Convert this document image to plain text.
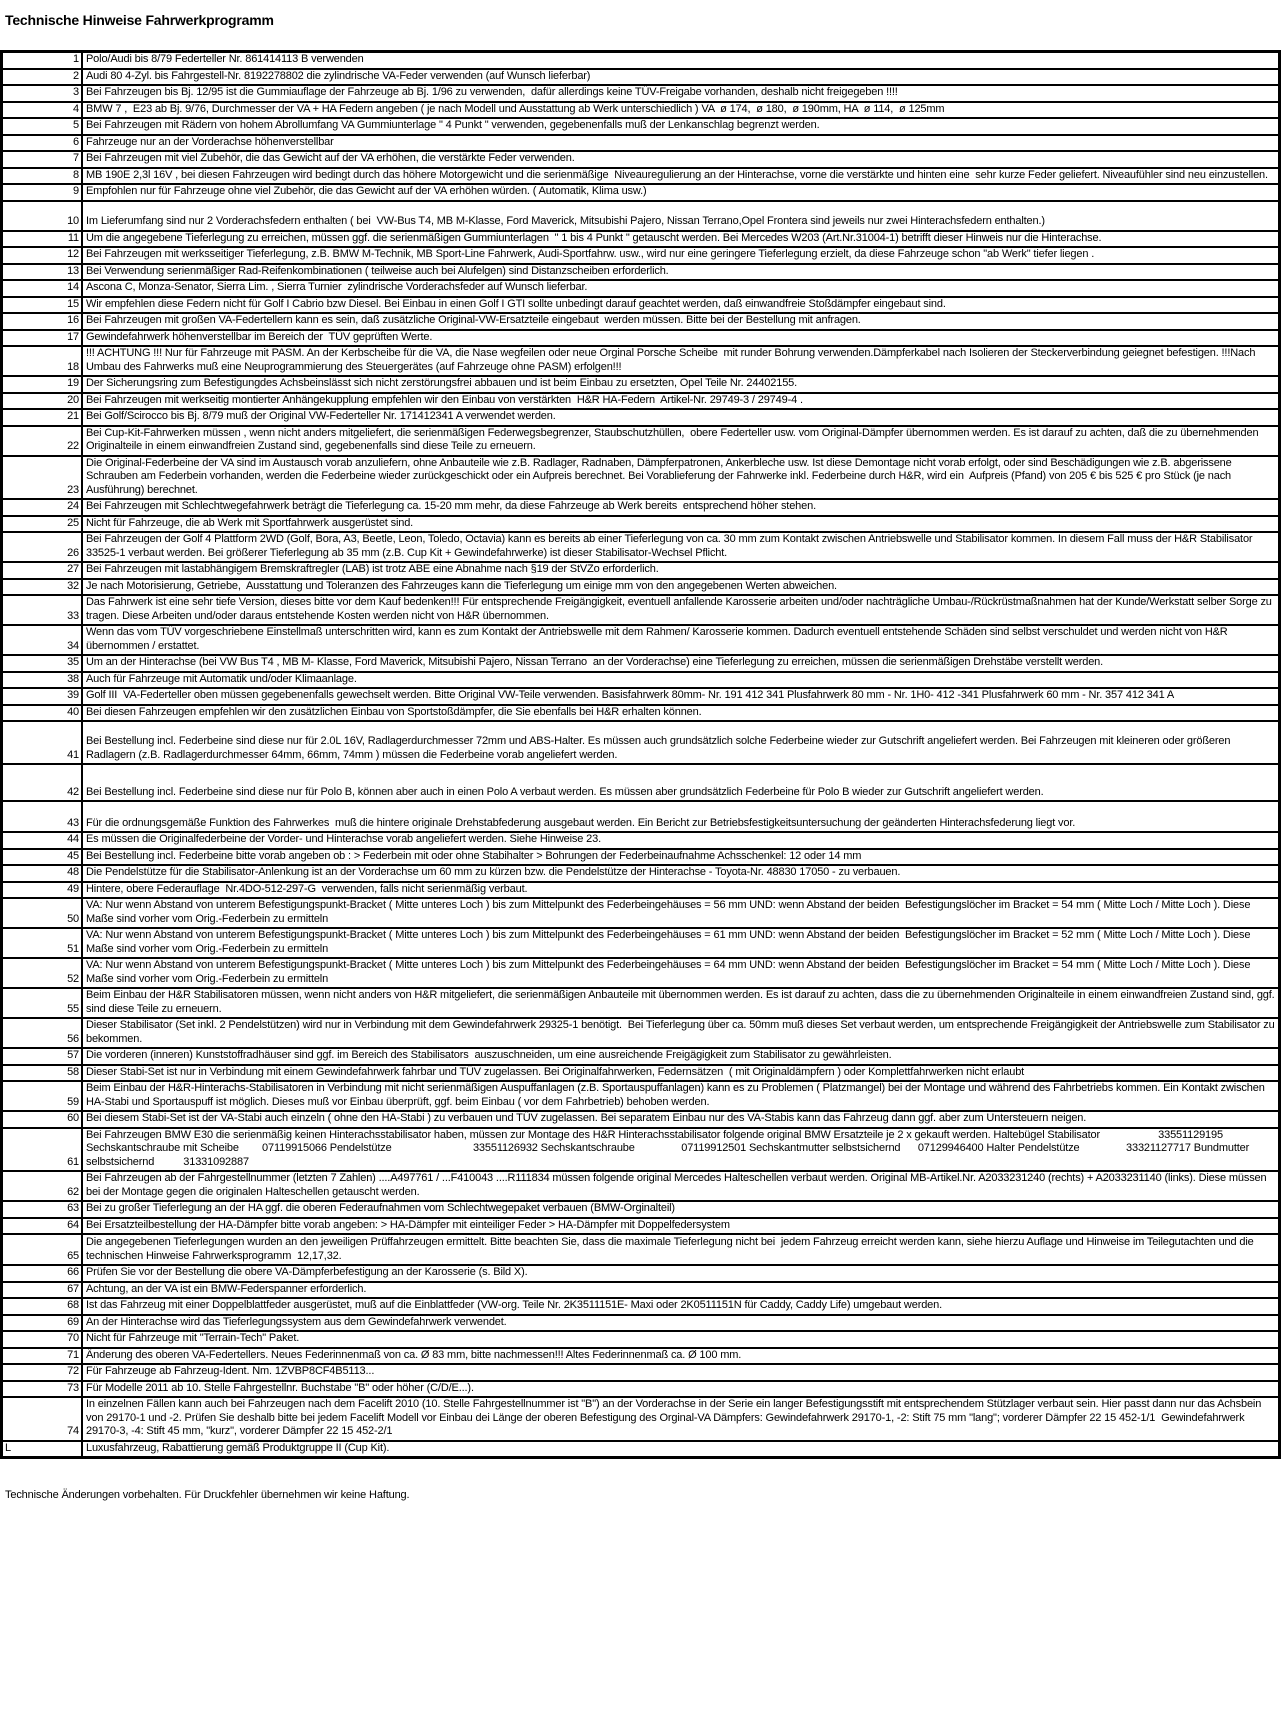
Technische Hinweise Fahrwerkprogramm
1	Polo/Audi bis 8/79 Federteller Nr. 861414113 B verwenden
2	Audi 80 4-Zyl. bis Fahrgestell-Nr. 8192278802 die zylindrische VA-Feder verwenden (auf Wunsch lieferbar)
3	Bei Fahrzeugen bis Bj. 12/95 ist die Gummiauflage der Fahrzeuge ab Bj. 1/96 zu verwenden,  dafür allerdings keine TÜV-Freigabe vorhanden, deshalb nicht freigegeben !!!!
4	BMW 7 ,  E23 ab Bj. 9/76, Durchmesser der VA + HA Federn angeben ( je nach Modell und Ausstattung ab Werk unterschiedlich ) VA  ø 174,  ø 180,  ø 190mm, HA  ø 114,  ø 125mm
5	Bei Fahrzeugen mit Rädern von hohem Abrollumfang VA Gummiunterlage " 4 Punkt " verwenden, gegebenenfalls muß der Lenkanschlag begrenzt werden.
6	Fahrzeuge nur an der Vorderachse höhenverstellbar
7	Bei Fahrzeugen mit viel Zubehör, die das Gewicht auf der VA erhöhen, die verstärkte Feder verwenden.
8	MB 190E 2,3l 16V , bei diesen Fahrzeugen wird bedingt durch das höhere Motorgewicht und die serienmäßige  Niveauregulierung an der Hinterachse, vorne die verstärkte und hinten eine  sehr kurze Feder geliefert. Niveaufühler sind neu einzustellen.
9	Empfohlen nur für Fahrzeuge ohne viel Zubehör, die das Gewicht auf der VA erhöhen würden. ( Automatik, Klima usw.)
10	Im Lieferumfang sind nur 2 Vorderachsfedern enthalten ( bei  VW-Bus T4, MB M-Klasse, Ford Maverick, Mitsubishi Pajero, Nissan Terrano,Opel Frontera sind jeweils nur zwei Hinterachsfedern enthalten.)
11	Um die angegebene Tieferlegung zu erreichen, müssen ggf. die serienmäßigen Gummiunterlagen  " 1 bis 4 Punkt " getauscht werden. Bei Mercedes W203 (Art.Nr.31004-1) betrifft dieser Hinweis nur die Hinterachse.
12	Bei Fahrzeugen mit werksseitiger Tieferlegung, z.B. BMW M-Technik, MB Sport-Line Fahrwerk, Audi-Sportfahrw. usw., wird nur eine geringere Tieferlegung erzielt, da diese Fahrzeuge schon "ab Werk" tiefer liegen .
13	Bei Verwendung serienmäßiger Rad-Reifenkombinationen ( teilweise auch bei Alufelgen) sind Distanzscheiben erforderlich.
14	Ascona C, Monza-Senator, Sierra Lim. , Sierra Turnier  zylindrische Vorderachsfeder auf Wunsch lieferbar.
15	Wir empfehlen diese Federn nicht für Golf I Cabrio bzw Diesel. Bei Einbau in einen Golf I GTI sollte unbedingt darauf geachtet werden, daß einwandfreie Stoßdämpfer eingebaut sind.
16	Bei Fahrzeugen mit großen VA-Federtellern kann es sein, daß zusätzliche Original-VW-Ersatzteile eingebaut  werden müssen. Bitte bei der Bestellung mit anfragen.
17	Gewindefahrwerk höhenverstellbar im Bereich der  TÜV geprüften Werte.
18	!!! ACHTUNG !!! Nur für Fahrzeuge mit PASM. An der Kerbscheibe für die VA, die Nase wegfeilen oder neue Orginal Porsche Scheibe  mit runder Bohrung verwenden.Dämpferkabel nach Isolieren der Steckerverbindung geiegnet befestigen. !!!Nach Umbau des Fahrwerks muß eine Neuprogrammierung des Steuergerätes (auf Fahrzeuge ohne PASM) erfolgen!!!
19	Der Sicherungsring zum Befestigungdes Achsbeinslässt sich nicht zerstörungsfrei abbauen und ist beim Einbau zu ersetzten, Opel Teile Nr. 24402155.
20	Bei Fahrzeugen mit werkseitig montierter Anhängekupplung empfehlen wir den Einbau von verstärkten  H&R HA-Federn  Artikel-Nr. 29749-3 / 29749-4 .
21	Bei Golf/Scirocco bis Bj. 8/79 muß der Original VW-Federteller Nr. 171412341 A verwendet werden.
22	Bei Cup-Kit-Fahrwerken müssen , wenn nicht anders mitgeliefert, die serienmäßigen Federwegsbegrenzer, Staubschutzhüllen,  obere Federteller usw. vom Original-Dämpfer übernommen werden. Es ist darauf zu achten, daß die zu übernehmenden Originalteile in einem einwandfreien Zustand sind, gegebenenfalls sind diese Teile zu erneuern.
23	Die Original-Federbeine der VA sind im Austausch vorab anzuliefern, ohne Anbauteile wie z.B. Radlager, Radnaben, Dämpferpatronen, Ankerbleche usw. Ist diese Demontage nicht vorab erfolgt, oder sind Beschädigungen wie z.B. abgerissene Schrauben am Federbein vorhanden, werden die Federbeine wieder zurückgeschickt oder ein Aufpreis berechnet. Bei Vorablieferung der Fahrwerke inkl. Federbeine durch H&R, wird ein  Aufpreis (Pfand) von 205 € bis 525 € pro Stück (je nach Ausführung) berechnet.
24	Bei Fahrzeugen mit Schlechtwegefahrwerk beträgt die Tieferlegung ca. 15-20 mm mehr, da diese Fahrzeuge ab Werk bereits  entsprechend höher stehen.
25	Nicht für Fahrzeuge, die ab Werk mit Sportfahrwerk ausgerüstet sind.
26	Bei Fahrzeugen der Golf 4 Plattform 2WD (Golf, Bora, A3, Beetle, Leon, Toledo, Octavia) kann es bereits ab einer Tieferlegung von ca. 30 mm zum Kontakt zwischen Antriebswelle und Stabilisator kommen. In diesem Fall muss der H&R Stabilisator 33525-1 verbaut werden. Bei größerer Tieferlegung ab 35 mm (z.B. Cup Kit + Gewindefahrwerke) ist dieser Stabilisator-Wechsel Pflicht.
27	Bei Fahrzeugen mit lastabhängigem Bremskraftregler (LAB) ist trotz ABE eine Abnahme nach §19 der StVZo erforderlich.
32	Je nach Motorisierung, Getriebe,  Ausstattung und Toleranzen des Fahrzeuges kann die Tieferlegung um einige mm von den angegebenen Werten abweichen.
33	Das Fahrwerk ist eine sehr tiefe Version, dieses bitte vor dem Kauf bedenken!!! Für entsprechende Freigängigkeit, eventuell anfallende Karosserie arbeiten und/oder nachträgliche Umbau-/Rückrüstmaßnahmen hat der Kunde/Werkstatt selber Sorge zu tragen. Diese Arbeiten und/oder daraus entstehende Kosten werden nicht von H&R übernommen.
34	Wenn das vom TÜV vorgeschriebene Einstellmaß unterschritten wird, kann es zum Kontakt der Antriebswelle mit dem Rahmen/ Karosserie kommen. Dadurch eventuell entstehende Schäden sind selbst verschuldet und werden nicht von H&R übernommen / erstattet.
35	Um an der Hinterachse (bei VW Bus T4 , MB M- Klasse, Ford Maverick, Mitsubishi Pajero, Nissan Terrano  an der Vorderachse) eine Tieferlegung zu erreichen, müssen die serienmäßigen Drehstäbe verstellt werden.
38	Auch für Fahrzeuge mit Automatik und/oder Klimaanlage.
39	Golf III  VA-Federteller oben müssen gegebenenfalls gewechselt werden. Bitte Original VW-Teile verwenden. Basisfahrwerk 80mm- Nr. 191 412 341 Plusfahrwerk 80 mm - Nr. 1H0- 412 -341 Plusfahrwerk 60 mm - Nr. 357 412 341 A
40	Bei diesen Fahrzeugen empfehlen wir den zusätzlichen Einbau von Sportstoßdämpfer, die Sie ebenfalls bei H&R erhalten können.
41	Bei Bestellung incl. Federbeine sind diese nur für 2.0L 16V, Radlagerdurchmesser 72mm und ABS-Halter. Es müssen auch grundsätzlich solche Federbeine wieder zur Gutschrift angeliefert werden. Bei Fahrzeugen mit kleineren oder größeren Radlagern (z.B. Radlagerdurchmesser 64mm, 66mm, 74mm ) müssen die Federbeine vorab angeliefert werden.
42	Bei Bestellung incl. Federbeine sind diese nur für Polo B, können aber auch in einen Polo A verbaut werden. Es müssen aber grundsätzlich Federbeine für Polo B wieder zur Gutschrift angeliefert werden.
43	Für die ordnungsgemäße Funktion des Fahrwerkes  muß die hintere originale Drehstabfederung ausgebaut werden. Ein Bericht zur Betriebsfestigkeitsuntersuchung der geänderten Hinterachsfederung liegt vor.
44	Es müssen die Originalfederbeine der Vorder- und Hinterachse vorab angeliefert werden. Siehe Hinweise 23.
45	Bei Bestellung incl. Federbeine bitte vorab angeben ob : > Federbein mit oder ohne Stabihalter > Bohrungen der Federbeinaufnahme Achsschenkel: 12 oder 14 mm
48	Die Pendelstütze für die Stabilisator-Anlenkung ist an der Vorderachse um 60 mm zu kürzen bzw. die Pendelstütze der Hinterachse - Toyota-Nr. 48830 17050 - zu verbauen.
49	Hintere, obere Federauflage  Nr.4DO-512-297-G  verwenden, falls nicht serienmäßig verbaut.
50	VA: Nur wenn Abstand von unterem Befestigungspunkt-Bracket ( Mitte unteres Loch ) bis zum Mittelpunkt des Federbeingehäuses = 56 mm UND: wenn Abstand der beiden  Befestigungslöcher im Bracket = 54 mm ( Mitte Loch / Mitte Loch ). Diese Maße sind vorher vom Orig.-Federbein zu ermitteln
51	VA: Nur wenn Abstand von unterem Befestigungspunkt-Bracket ( Mitte unteres Loch ) bis zum Mittelpunkt des Federbeingehäuses = 61 mm UND: wenn Abstand der beiden  Befestigungslöcher im Bracket = 52 mm ( Mitte Loch / Mitte Loch ). Diese Maße sind vorher vom Orig.-Federbein zu ermitteln
52	VA: Nur wenn Abstand von unterem Befestigungspunkt-Bracket ( Mitte unteres Loch ) bis zum Mittelpunkt des Federbeingehäuses = 64 mm UND: wenn Abstand der beiden  Befestigungslöcher im Bracket = 54 mm ( Mitte Loch / Mitte Loch ). Diese Maße sind vorher vom Orig.-Federbein zu ermitteln
55	Beim Einbau der H&R Stabilisatoren müssen, wenn nicht anders von H&R mitgeliefert, die serienmäßigen Anbauteile mit übernommen werden. Es ist darauf zu achten, dass die zu übernehmenden Originalteile in einem einwandfreien Zustand sind, ggf. sind diese Teile zu erneuern.
56	Dieser Stabilisator (Set inkl. 2 Pendelstützen) wird nur in Verbindung mit dem Gewindefahrwerk 29325-1 benötigt.  Bei Tieferlegung über ca. 50mm muß dieses Set verbaut werden, um entsprechende Freigängigkeit der Antriebswelle zum Stabilisator zu bekommen.
57	Die vorderen (inneren) Kunststoffradhäuser sind ggf. im Bereich des Stabilisators  auszuschneiden, um eine ausreichende Freigägigkeit zum Stabilisator zu gewährleisten.
58	Dieser Stabi-Set ist nur in Verbindung mit einem Gewindefahrwerk fahrbar und TÜV zugelassen. Bei Originalfahrwerken, Federnsätzen  ( mit Originaldämpfern ) oder Komplettfahrwerken nicht erlaubt
59	Beim Einbau der H&R-Hinterachs-Stabilisatoren in Verbindung mit nicht serienmäßigen Auspuffanlagen (z.B. Sportauspuffanlagen) kann es zu Problemen ( Platzmangel) bei der Montage und während des Fahrbetriebs kommen. Ein Kontakt zwischen HA-Stabi und Sportauspuff ist möglich. Dieses muß vor Einbau überprüft, ggf. beim Einbau ( vor dem Fahrbetrieb) behoben werden.
60	Bei diesem Stabi-Set ist der VA-Stabi auch einzeln ( ohne den HA-Stabi ) zu verbauen und TÜV zugelassen. Bei separatem Einbau nur des VA-Stabis kann das Fahrzeug dann ggf. aber zum Untersteuern neigen.
61	Bei Fahrzeugen BMW E30 die serienmäßig keinen Hinterachsstabilisator haben, müssen zur Montage des H&R Hinterachsstabilisator folgende original BMW Ersatzteile je 2 x gekauft werden. Haltebügel Stabilisator                    33551129195 Sechskantschraube mit Scheibe        07119915066 Pendelstütze                            33551126932 Sechskantschraube                07119912501 Sechskantmutter selbstsichernd      07129946400 Halter Pendelstütze                33321127717 Bundmutter selbstsichernd          31331092887
62	Bei Fahrzeugen ab der Fahrgestellnummer (letzten 7 Zahlen) ....A497761 / ...F410043 ....R111834 müssen folgende original Mercedes Halteschellen verbaut werden. Original MB-Artikel.Nr. A2033231240 (rechts) + A2033231140 (links). Diese müssen bei der Montage gegen die originalen Halteschellen getauscht werden.
63	Bei zu großer Tieferlegung an der HA ggf. die oberen Federaufnahmen vom Schlechtwegepaket verbauen (BMW-Orginalteil)
64	Bei Ersatzteilbestellung der HA-Dämpfer bitte vorab angeben: > HA-Dämpfer mit einteiliger Feder > HA-Dämpfer mit Doppelfedersystem
65	Die angegebenen Tieferlegungen wurden an den jeweiligen Prüffahrzeugen ermittelt. Bitte beachten Sie, dass die maximale Tieferlegung nicht bei  jedem Fahrzeug erreicht werden kann, siehe hierzu Auflage und Hinweise im Teilegutachten und die technischen Hinweise Fahrwerksprogramm  12,17,32.
66	Prüfen Sie vor der Bestellung die obere VA-Dämpferbefestigung an der Karosserie (s. Bild X).
67	Achtung, an der VA ist ein BMW-Federspanner erforderlich.
68	Ist das Fahrzeug mit einer Doppelblattfeder ausgerüstet, muß auf die Einblattfeder (VW-org. Teile Nr. 2K3511151E- Maxi oder 2K0511151N für Caddy, Caddy Life) umgebaut werden.
69	An der Hinterachse wird das Tieferlegungssystem aus dem Gewindefahrwerk verwendet.
70	Nicht für Fahrzeuge mit "Terrain-Tech" Paket.
71	Änderung des oberen VA-Federtellers. Neues Federinnenmaß von ca. Ø 83 mm, bitte nachmessen!!! Altes Federinnenmaß ca. Ø 100 mm.
72	Für Fahrzeuge ab Fahrzeug-Ident. Nm. 1ZVBP8CF4B5113...
73	Für Modelle 2011 ab 10. Stelle Fahrgestellnr. Buchstabe "B" oder höher (C/D/E...).
74	In einzelnen Fällen kann auch bei Fahrzeugen nach dem Facelift 2010 (10. Stelle Fahrgestellnummer ist "B") an der Vorderachse in der Serie ein langer Befestigungsstift mit entsprechendem Stützlager verbaut sein. Hier passt dann nur das Achsbein von 29170-1 und -2. Prüfen Sie deshalb bitte bei jedem Facelift Modell vor Einbau dei Länge der oberen Befestigung des Orginal-VA Dämpfers: Gewindefahrwerk 29170-1, -2: Stift 75 mm "lang"; vorderer Dämpfer 22 15 452-1/1  Gewindefahrwerk 29170-3, -4: Stift 45 mm, "kurz", vorderer Dämpfer 22 15 452-2/1
L	Luxusfahrzeug, Rabattierung gemäß Produktgruppe II (Cup Kit).
Technische Änderungen vorbehalten. Für Druckfehler übernehmen wir keine Haftung.
